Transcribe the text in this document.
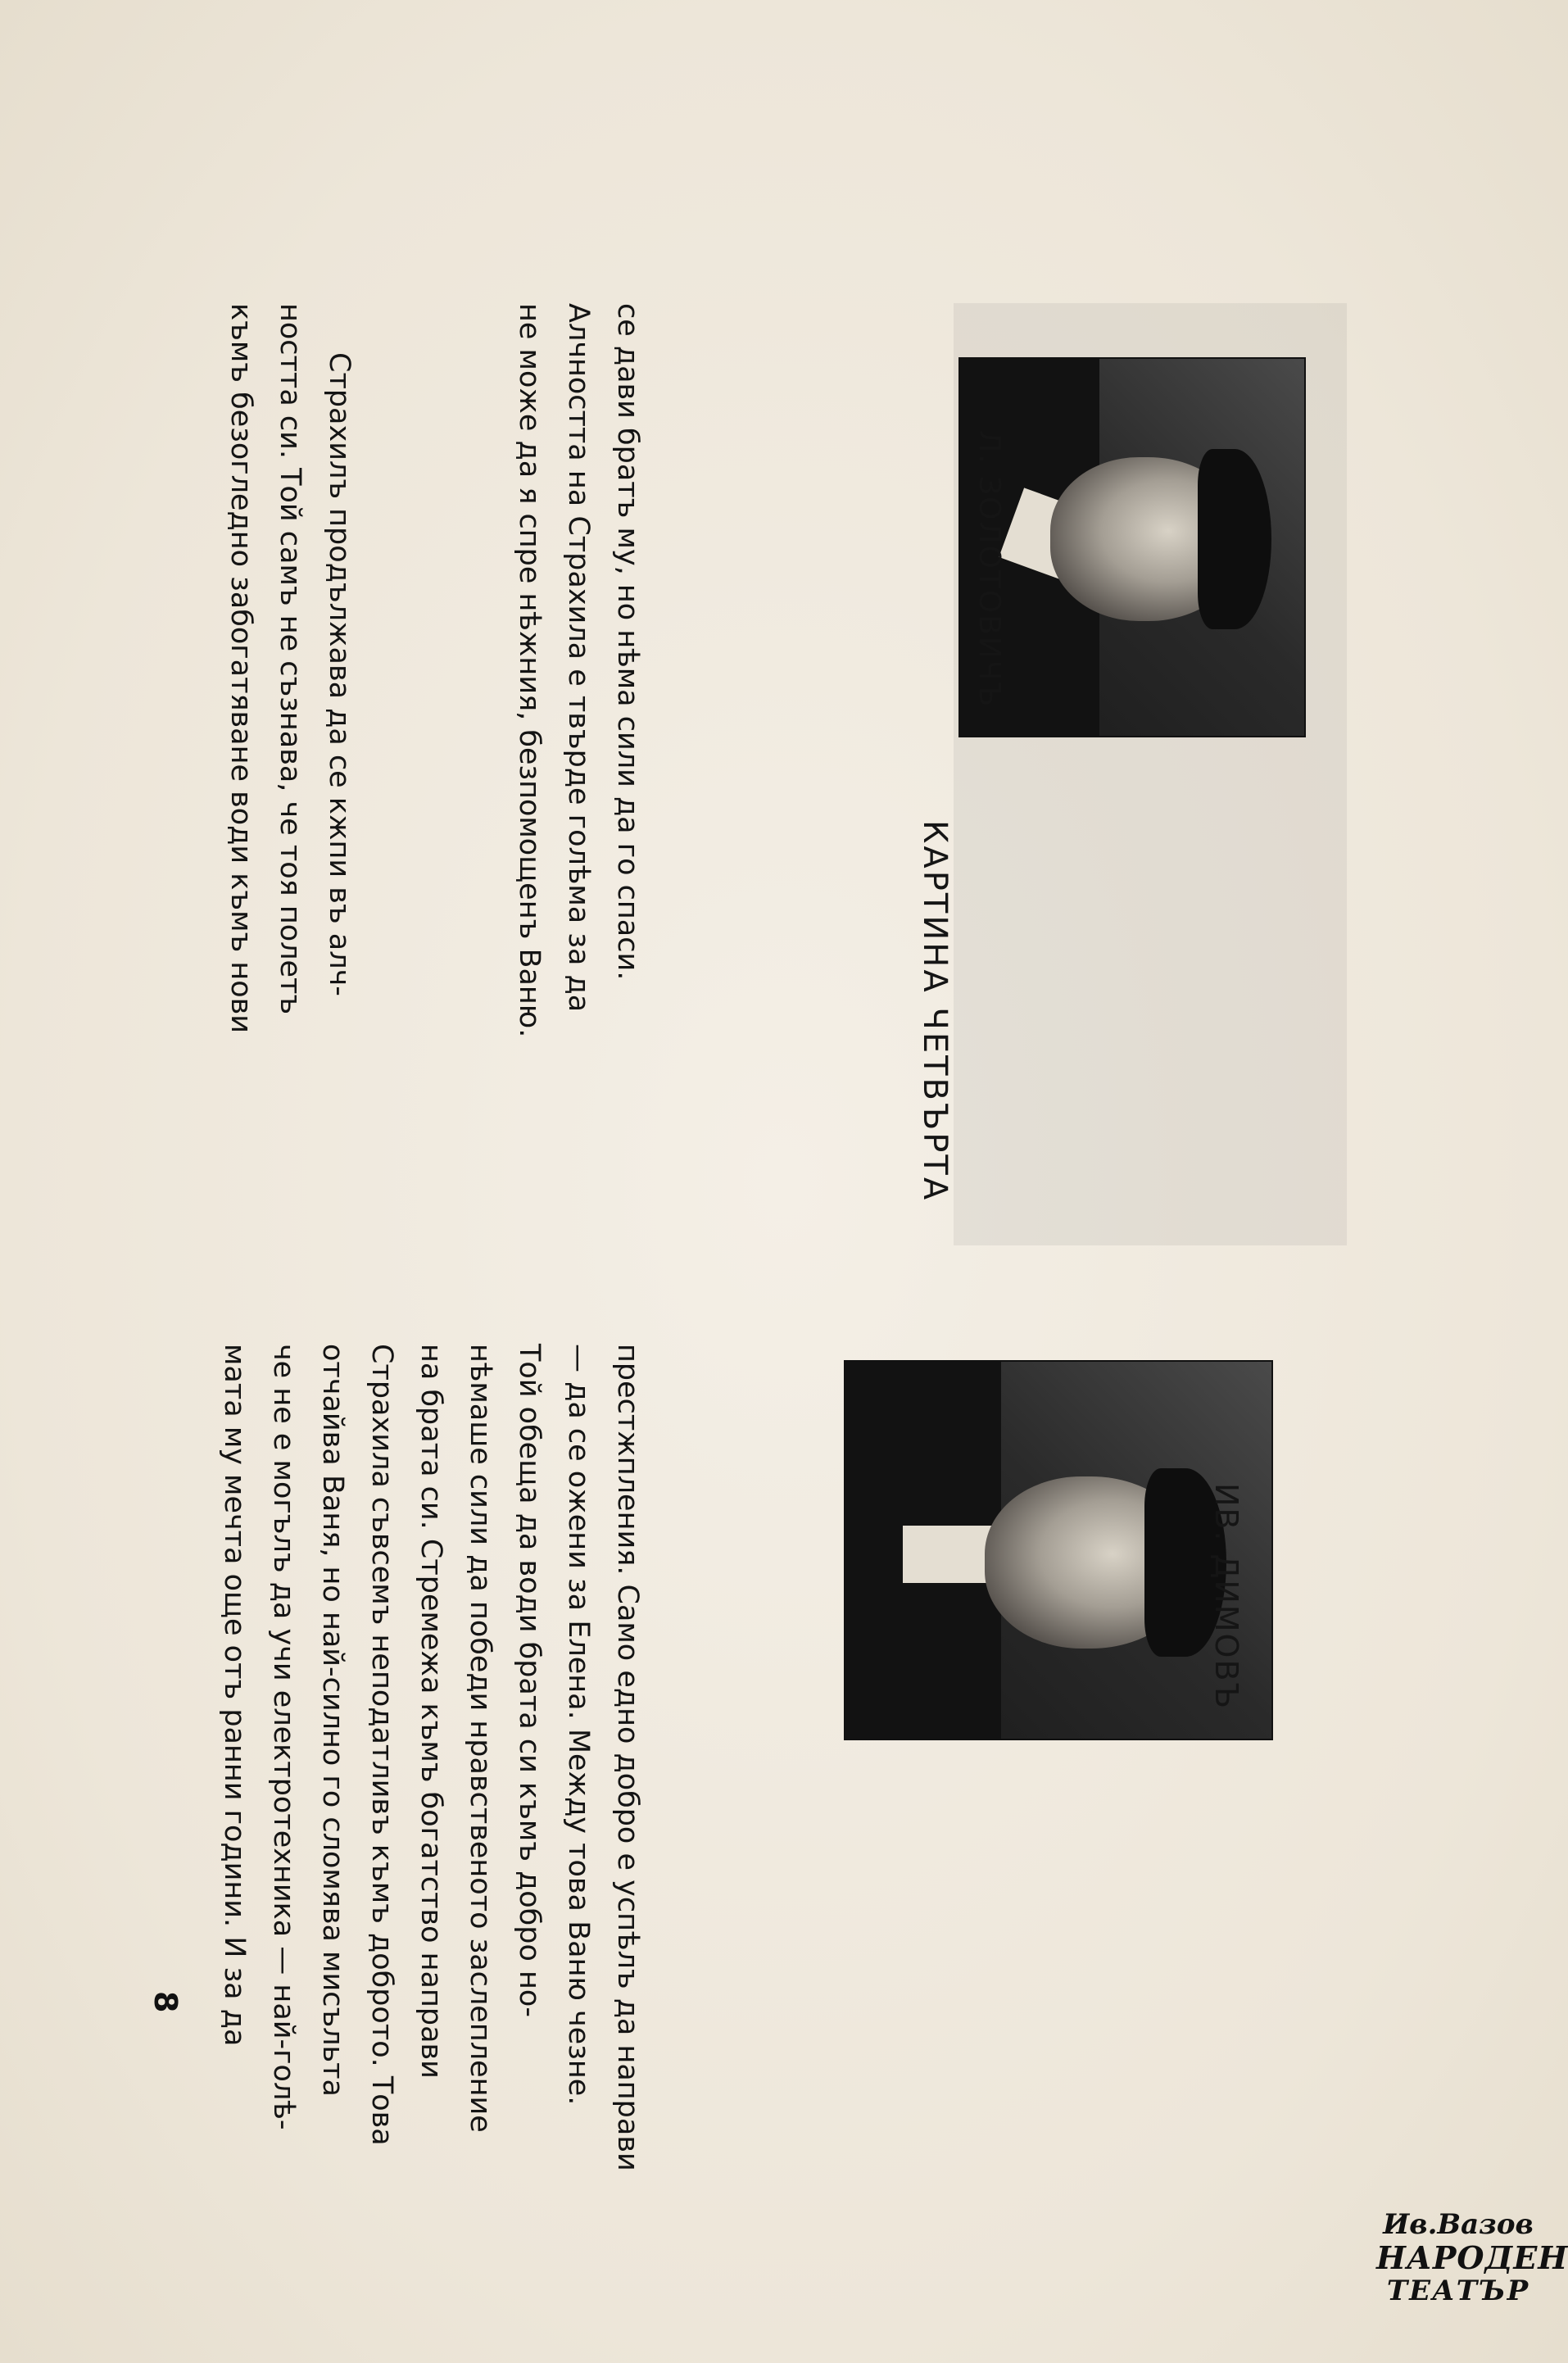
Л. ЗОЛОТОВИЧЪ
КАРТИНА ЧЕТВЪРТА

се дави братъ му, но нѣма сили да го спаси.

Алчността на Страхила е твърде голѣма за да

не може да я спре нѣжния, безпомощенъ Ваню.

Страхилъ продължава да се кжпи въ алч-

ността си. Той самъ не съзнава, че тоя полетъ

къмъ безогледно забогатяване води къмъ нови

8	престжпления. Само едно добро е успѣлъ да направи

— да се ожени за Елена. Между това Ваню чезне.

Той обеща да води брата си къмъ добро но-

нѣмаше сили да победи нравственото заслепление

на брата си. Стремежа къмъ богатство направи

Страхила съвсемъ неподатливъ къмъ доброто. Това

отчайва Ваня, но най-силно го сломява мисъльта

че не е могълъ да учи електротехника — най-голѣ-

мата му мечта още отъ ранни години. И за да	ИВ. ДИМОВЪ
Ив.Вазов
НАРОДЕН
ТЕАТЪР
